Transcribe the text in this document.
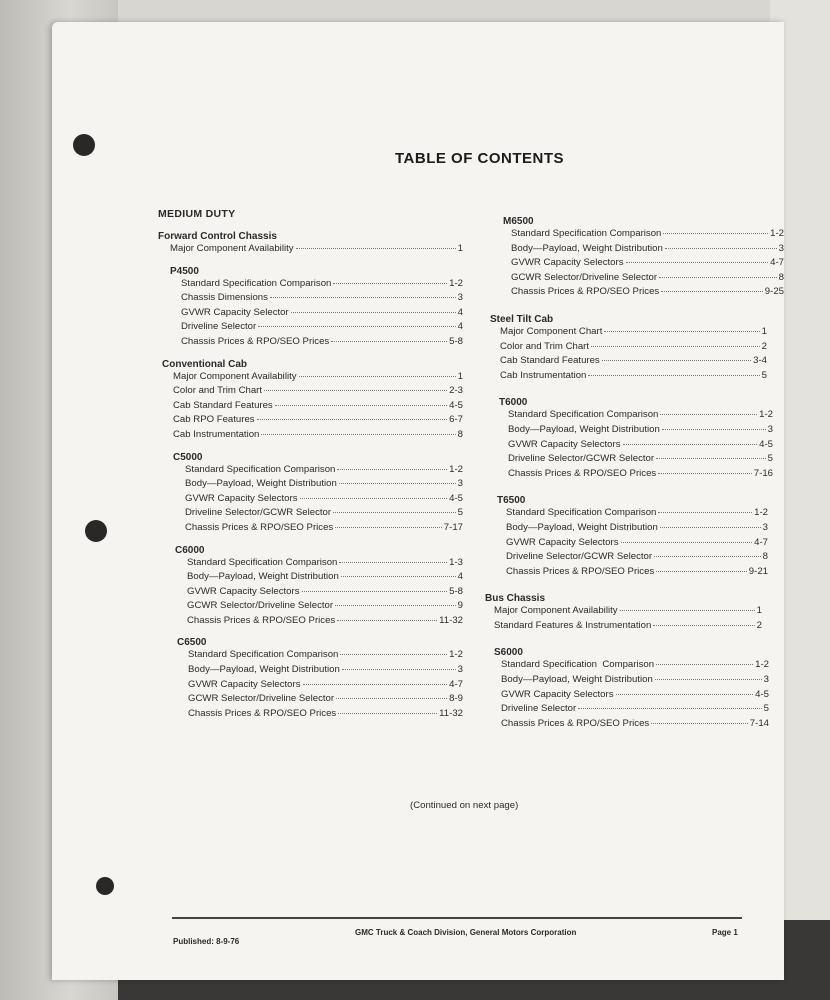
TABLE OF CONTENTS

MEDIUM DUTY

Forward Control Chassis

Major Component Availability	1

P4500

Standard Specification Comparison	1-2
Chassis Dimensions	3
GVWR Capacity Selector	4
Driveline Selector	4
Chassis Prices & RPO/SEO Prices	5-8

Conventional Cab

Major Component Availability	1
Color and Trim Chart	2-3
Cab Standard Features	4-5
Cab RPO Features	6-7
Cab Instrumentation	8

C5000

Standard Specification Comparison	1-2
Body—Payload, Weight Distribution	3
GVWR Capacity Selectors	4-5
Driveline Selector/GCWR Selector	5
Chassis Prices & RPO/SEO Prices	7-17

C6000

Standard Specification Comparison	1-3
Body—Payload, Weight Distribution	4
GVWR Capacity Selectors	5-8
GCWR Selector/Driveline Selector	9
Chassis Prices & RPO/SEO Prices	11-32

C6500

Standard Specification Comparison	1-2
Body—Payload, Weight Distribution	3
GVWR Capacity Selectors	4-7
GCWR Selector/Driveline Selector	8-9
Chassis Prices & RPO/SEO Prices	11-32

M6500

Standard Specification Comparison	1-2
Body—Payload, Weight Distribution	3
GVWR Capacity Selectors	4-7
GCWR Selector/Driveline Selector	8
Chassis Prices & RPO/SEO Prices	9-25

Steel Tilt Cab

Major Component Chart	1
Color and Trim Chart	2
Cab Standard Features	3-4
Cab Instrumentation	5

T6000

Standard Specification Comparison	1-2
Body—Payload, Weight Distribution	3
GVWR Capacity Selectors	4-5
Driveline Selector/GCWR Selector	5
Chassis Prices & RPO/SEO Prices	7-16

T6500

Standard Specification Comparison	1-2
Body—Payload, Weight Distribution	3
GVWR Capacity Selectors	4-7
Driveline Selector/GCWR Selector	8
Chassis Prices & RPO/SEO Prices	9-21

Bus Chassis

Major Component Availability	1
Standard Features & Instrumentation	2

S6000

Standard Specification  Comparison	1-2
Body—Payload, Weight Distribution	3
GVWR Capacity Selectors	4-5
Driveline Selector	5
Chassis Prices & RPO/SEO Prices	7-14

(Continued on next page)

Published: 8-9-76
GMC Truck & Coach Division, General Motors Corporation	Page 1
